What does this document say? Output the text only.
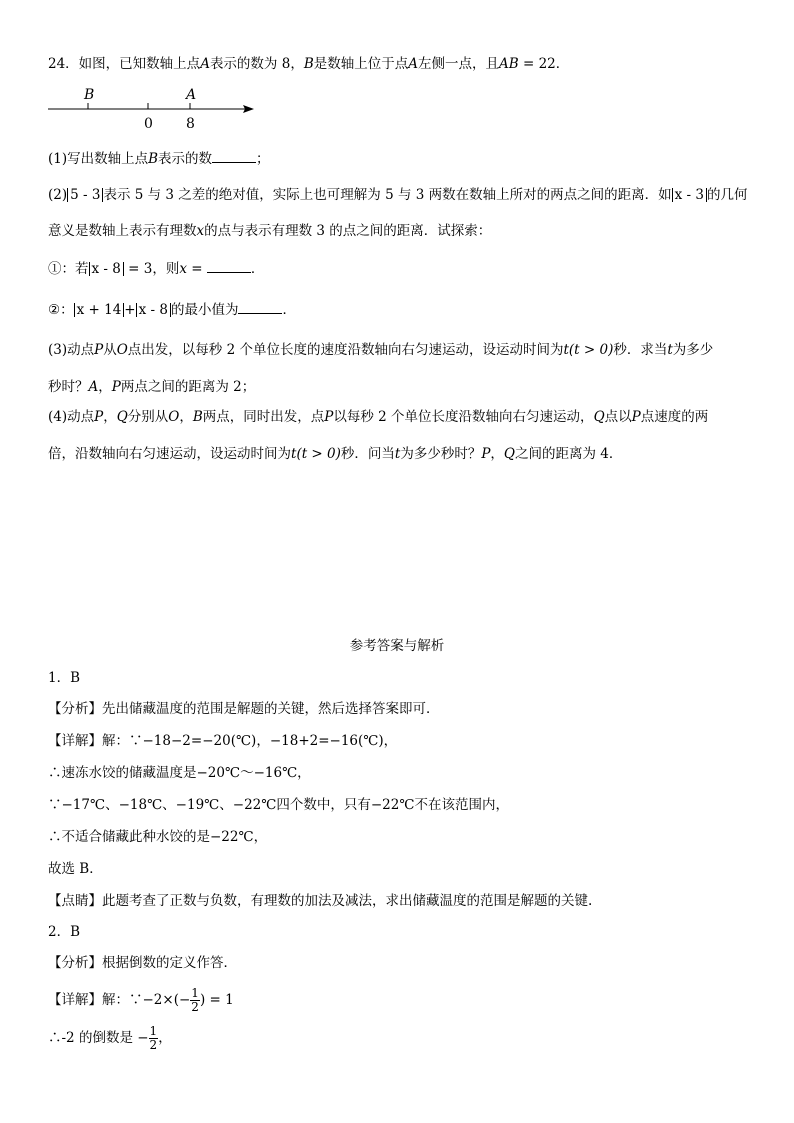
24．如图，已知数轴上点A表示的数为 8，B是数轴上位于点A左侧一点，且AB = 22．
B	A
0 8
(1)写出数轴上点B表示的数	；
(2) 5 - 3 表示 5 与 3 之差的绝对值，实际上也可理解为 5 与 3 两数在数轴上所对的两点之间的距离．如 x - 3 的几何
意义是数轴上表示有理数x的点与表示有理数 3 的点之间的距离．试探索：
①：若 x - 8 = 3，则x =	．
②： x + 14 + x - 8 的最小值为	．
(3)动点P从O点出发，以每秒 2 个单位长度的速度沿数轴向右匀速运动，设运动时间为t(t > 0)秒．求当t为多少
秒时？A，P两点之间的距离为 2；
(4)动点P，Q分别从O，B两点，同时出发，点P以每秒 2 个单位长度沿数轴向右匀速运动，Q点以P点速度的两
倍，沿数轴向右匀速运动，设运动时间为t(t > 0)秒．问当t为多少秒时？P，Q之间的距离为 4．
参考答案与解析
1．B
【分析】先出储藏温度的范围是解题的关键，然后选择答案即可．
【详解】解：∵−18−2=−20(℃)，−18+2=−16(℃)，
∴速冻水饺的储藏温度是−20℃～−16℃，
∵−17℃、−18℃、−19℃、−22℃四个数中，只有−22℃不在该范围内，
∴不适合储藏此种水饺的是−22℃，
故选 B．
【点睛】此题考查了正数与负数，有理数的加法及减法，求出储藏温度的范围是解题的关键.
2．B
【分析】根据倒数的定义作答．
【详解】解：∵−2×(− $\frac{1}{2}$ ) = 1
∴-2 的倒数是 − $\frac{1}{2}$ ，
